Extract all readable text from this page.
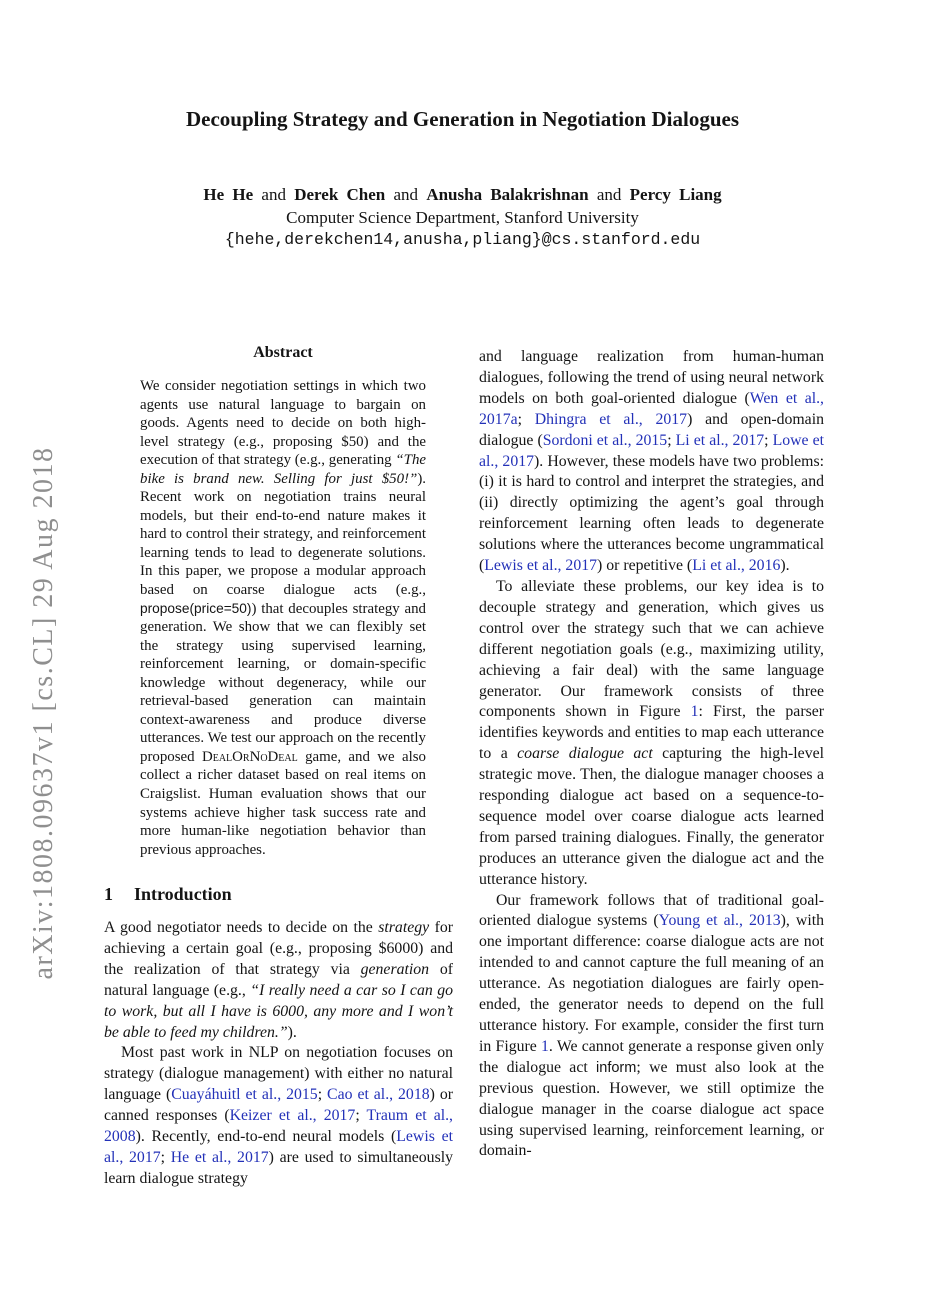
arXiv:1808.09637v1 [cs.CL] 29 Aug 2018
Decoupling Strategy and Generation in Negotiation Dialogues
He He and Derek Chen and Anusha Balakrishnan and Percy Liang
Computer Science Department, Stanford University
{hehe,derekchen14,anusha,pliang}@cs.stanford.edu
Abstract
We consider negotiation settings in which two agents use natural language to bargain on goods. Agents need to decide on both high-level strategy (e.g., proposing $50) and the execution of that strategy (e.g., generating “The bike is brand new. Selling for just $50!”). Recent work on negotiation trains neural models, but their end-to-end nature makes it hard to control their strategy, and reinforcement learning tends to lead to degenerate solutions. In this paper, we propose a modular approach based on coarse dialogue acts (e.g., propose(price=50)) that decouples strategy and generation. We show that we can flexibly set the strategy using supervised learning, reinforcement learning, or domain-specific knowledge without degeneracy, while our retrieval-based generation can maintain context-awareness and produce diverse utterances. We test our approach on the recently proposed DealOrNoDeal game, and we also collect a richer dataset based on real items on Craigslist. Human evaluation shows that our systems achieve higher task success rate and more human-like negotiation behavior than previous approaches.
1 Introduction

A good negotiator needs to decide on the strategy for achieving a certain goal (e.g., proposing $6000) and the realization of that strategy via generation of natural language (e.g., “I really need a car so I can go to work, but all I have is 6000, any more and I won’t be able to feed my children.”).

Most past work in NLP on negotiation focuses on strategy (dialogue management) with either no natural language (Cuayáhuitl et al., 2015; Cao et al., 2018) or canned responses (Keizer et al., 2017; Traum et al., 2008). Recently, end-to-end neural models (Lewis et al., 2017; He et al., 2017) are used to simultaneously learn dialogue strategy

and language realization from human-human dialogues, following the trend of using neural network models on both goal-oriented dialogue (Wen et al., 2017a; Dhingra et al., 2017) and open-domain dialogue (Sordoni et al., 2015; Li et al., 2017; Lowe et al., 2017). However, these models have two problems: (i) it is hard to control and interpret the strategies, and (ii) directly optimizing the agent’s goal through reinforcement learning often leads to degenerate solutions where the utterances become ungrammatical (Lewis et al., 2017) or repetitive (Li et al., 2016).

To alleviate these problems, our key idea is to decouple strategy and generation, which gives us control over the strategy such that we can achieve different negotiation goals (e.g., maximizing utility, achieving a fair deal) with the same language generator. Our framework consists of three components shown in Figure 1: First, the parser identifies keywords and entities to map each utterance to a coarse dialogue act capturing the high-level strategic move. Then, the dialogue manager chooses a responding dialogue act based on a sequence-to-sequence model over coarse dialogue acts learned from parsed training dialogues. Finally, the generator produces an utterance given the dialogue act and the utterance history.

Our framework follows that of traditional goal-oriented dialogue systems (Young et al., 2013), with one important difference: coarse dialogue acts are not intended to and cannot capture the full meaning of an utterance. As negotiation dialogues are fairly open-ended, the generator needs to depend on the full utterance history. For example, consider the first turn in Figure 1. We cannot generate a response given only the dialogue act inform; we must also look at the previous question. However, we still optimize the dialogue manager in the coarse dialogue act space using supervised learning, reinforcement learning, or domain-
